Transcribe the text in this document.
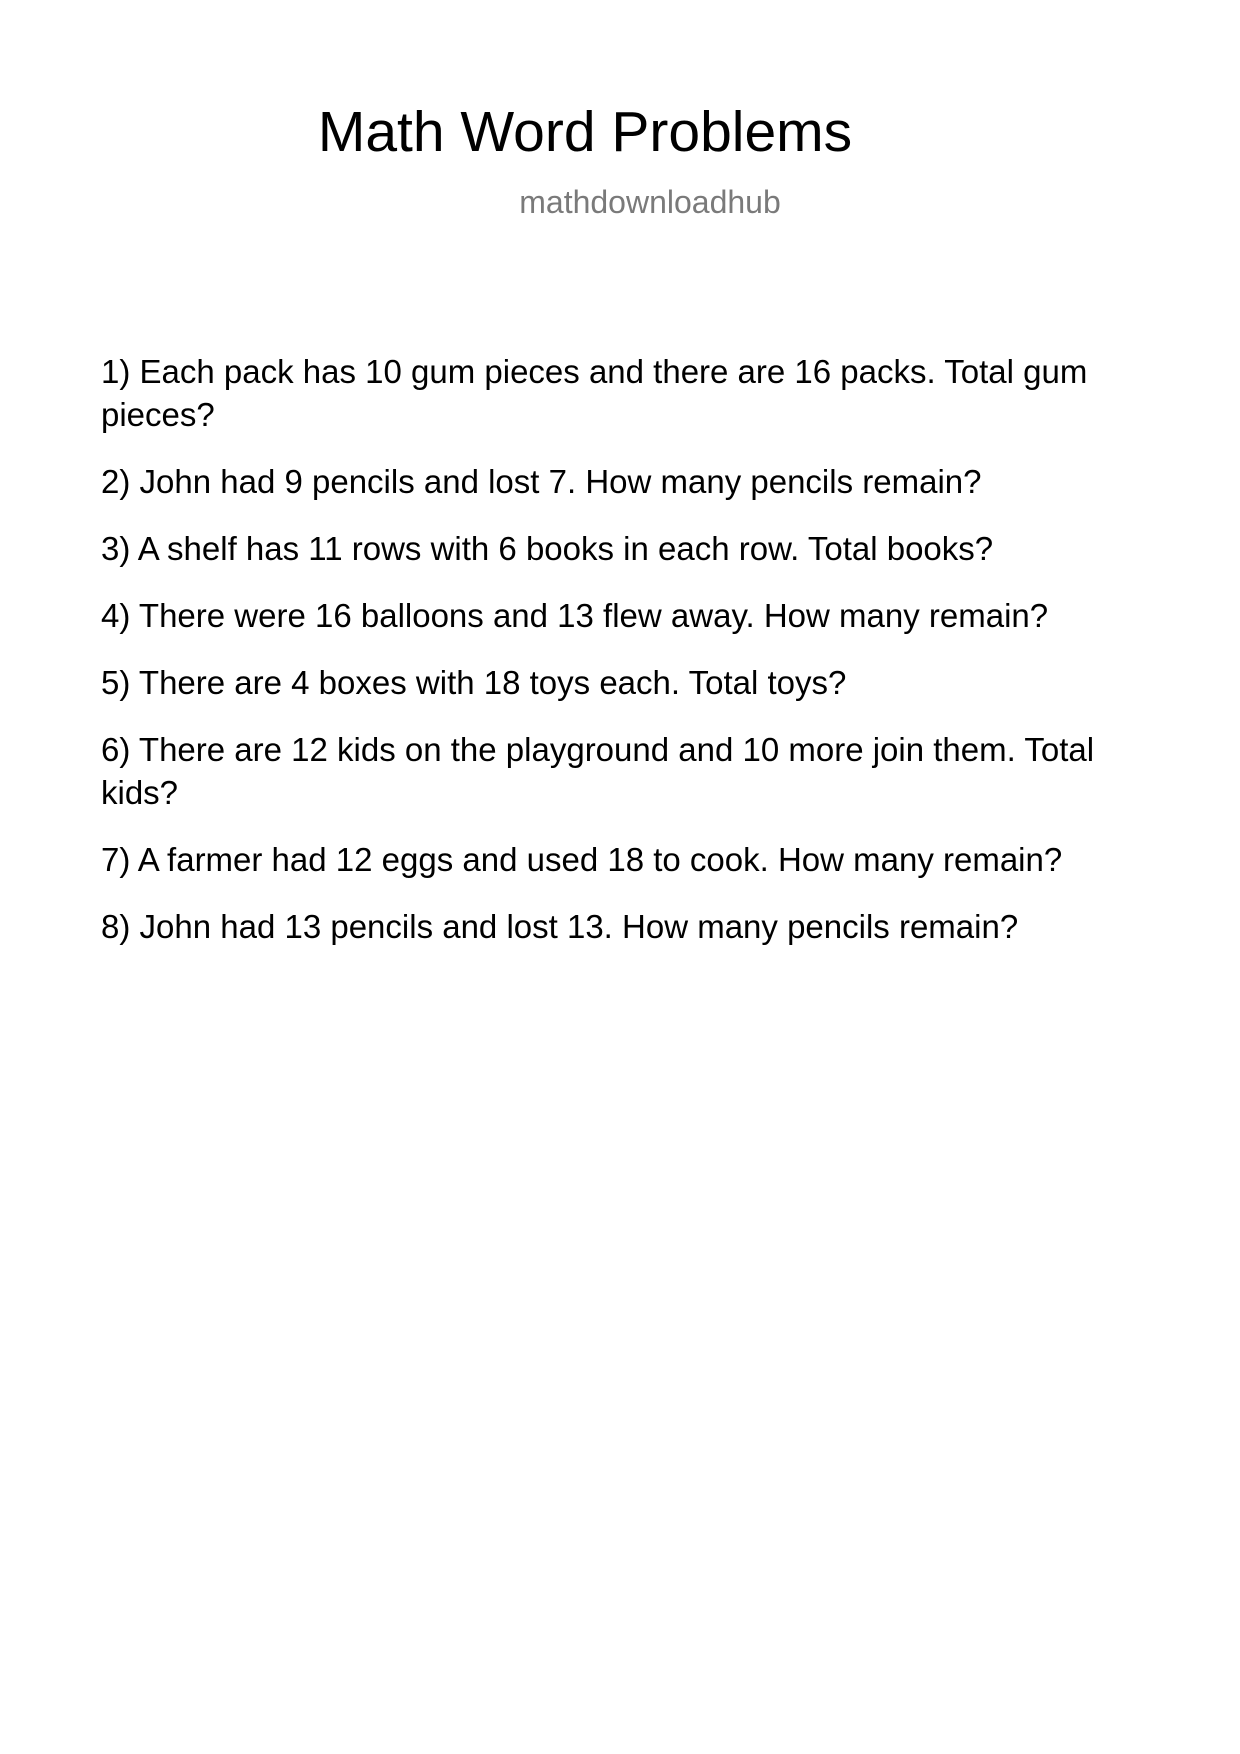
Math Word Problems
mathdownloadhub
1) Each pack has 10 gum pieces and there are 16 packs. Total gum pieces?
2) John had 9 pencils and lost 7. How many pencils remain?
3) A shelf has 11 rows with 6 books in each row. Total books?
4) There were 16 balloons and 13 flew away. How many remain?
5) There are 4 boxes with 18 toys each. Total toys?
6) There are 12 kids on the playground and 10 more join them. Total kids?
7) A farmer had 12 eggs and used 18 to cook. How many remain?
8) John had 13 pencils and lost 13. How many pencils remain?
